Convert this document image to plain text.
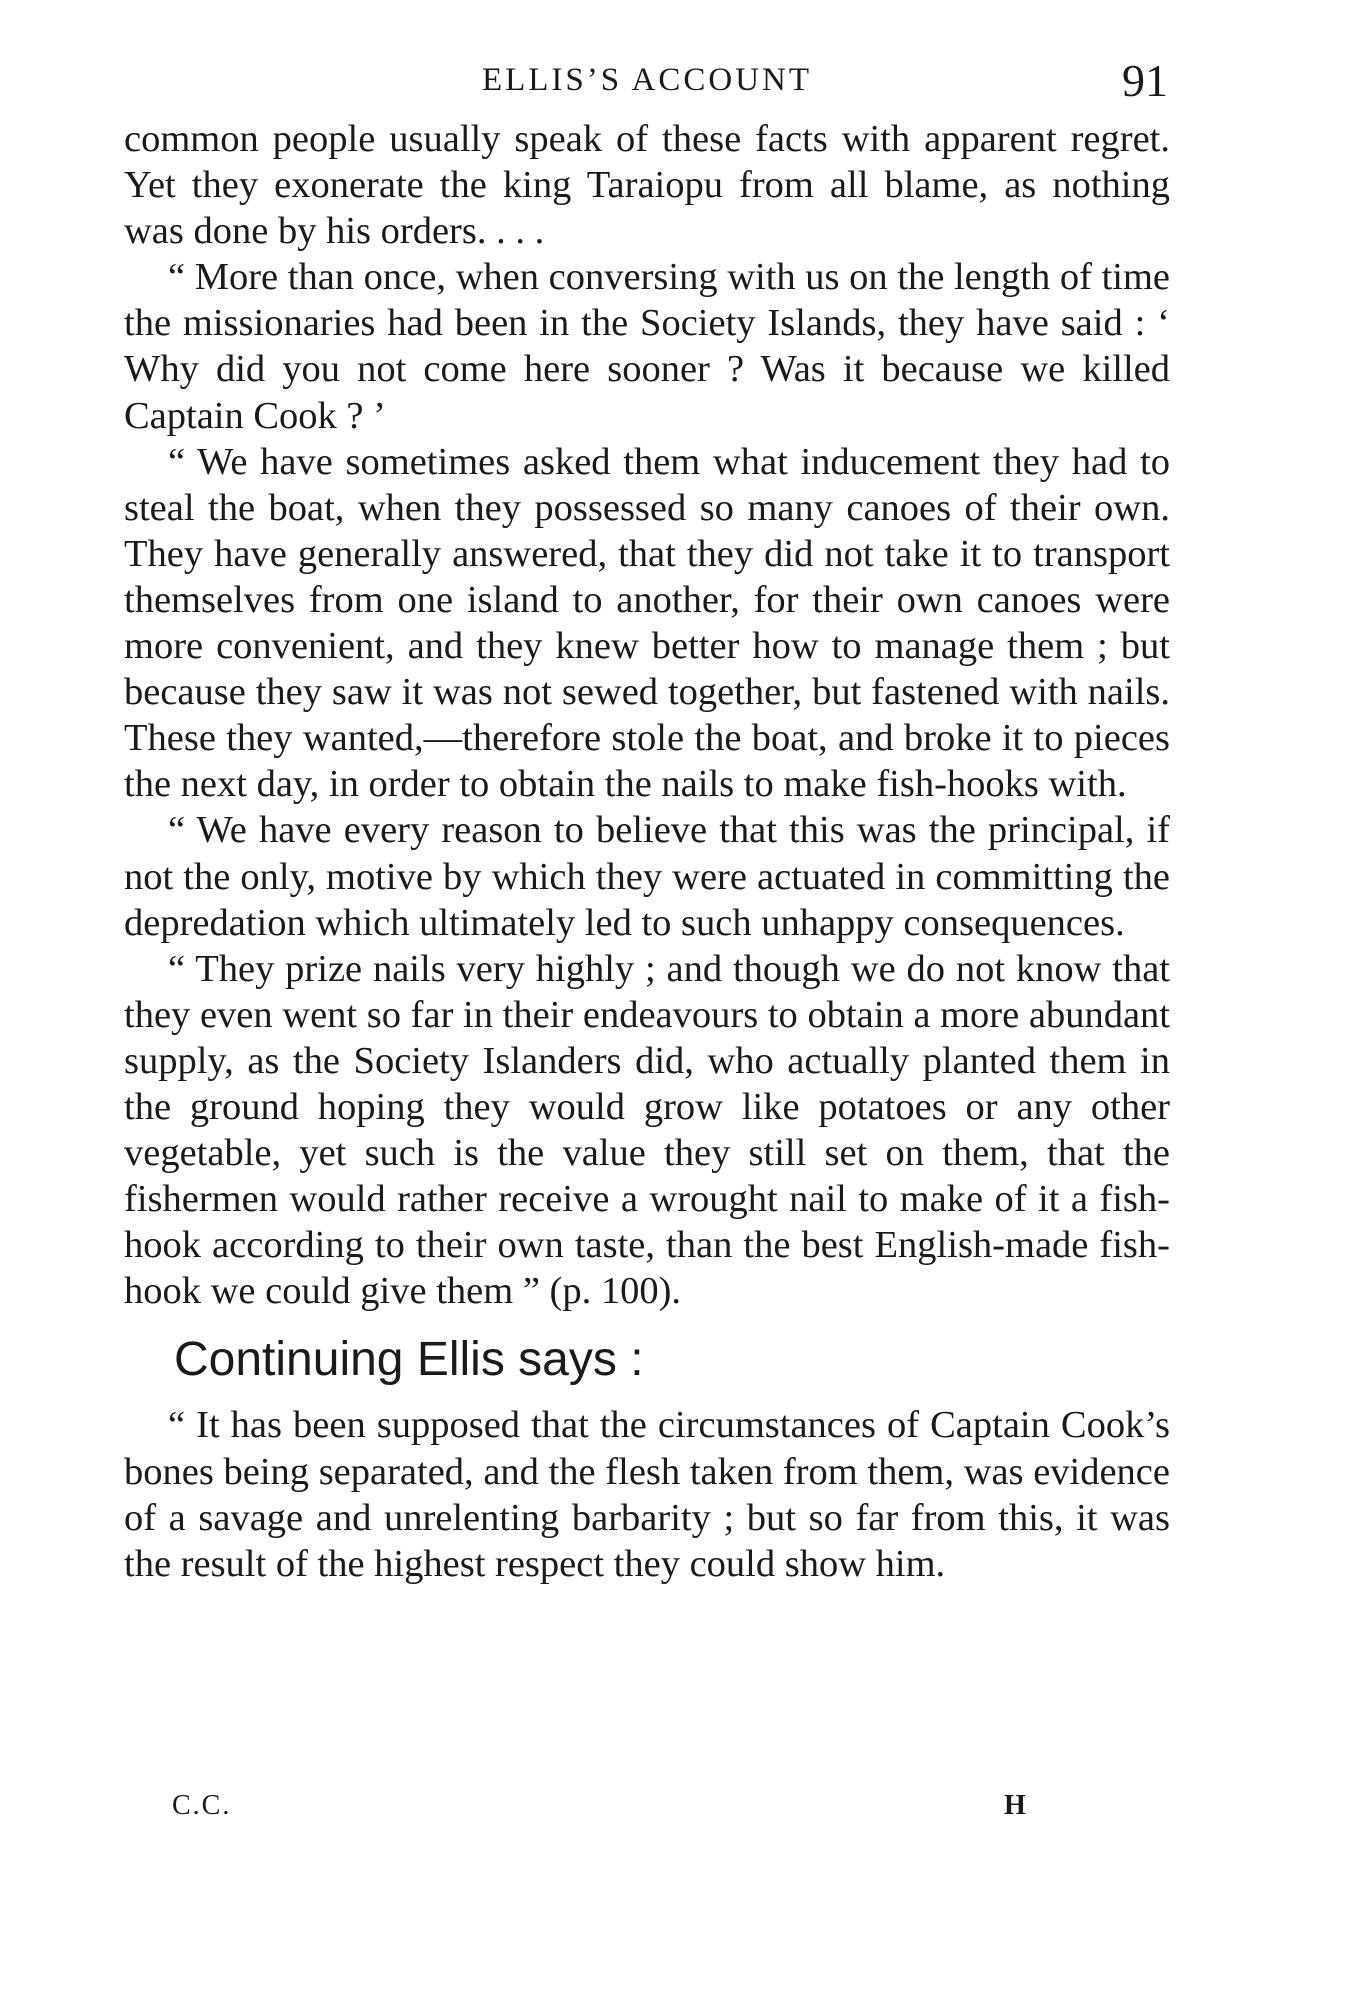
ELLIS’S ACCOUNT	91

common people usually speak of these facts with apparent regret. Yet they exonerate the king Taraiopu from all blame, as nothing was done by his orders. . . .

“ More than once, when conversing with us on the length of time the missionaries had been in the Society Islands, they have said : ‘ Why did you not come here sooner ? Was it because we killed Captain Cook ? ’

“ We have sometimes asked them what inducement they had to steal the boat, when they possessed so many canoes of their own. They have generally answered, that they did not take it to transport themselves from one island to another, for their own canoes were more convenient, and they knew better how to manage them ; but because they saw it was not sewed together, but fastened with nails. These they wanted,—therefore stole the boat, and broke it to pieces the next day, in order to obtain the nails to make fish-hooks with.

“ We have every reason to believe that this was the principal, if not the only, motive by which they were actuated in committing the depredation which ultimately led to such unhappy consequences.

“ They prize nails very highly ; and though we do not know that they even went so far in their endeavours to obtain a more abundant supply, as the Society Islanders did, who actually planted them in the ground hoping they would grow like potatoes or any other vegetable, yet such is the value they still set on them, that the fishermen would rather receive a wrought nail to make of it a fish-hook according to their own taste, than the best English-made fish-hook we could give them ” (p. 100).

Continuing Ellis says :

“ It has been supposed that the circumstances of Captain Cook’s bones being separated, and the flesh taken from them, was evidence of a savage and unrelenting barbarity ; but so far from this, it was the result of the highest respect they could show him.

C.C.	H
